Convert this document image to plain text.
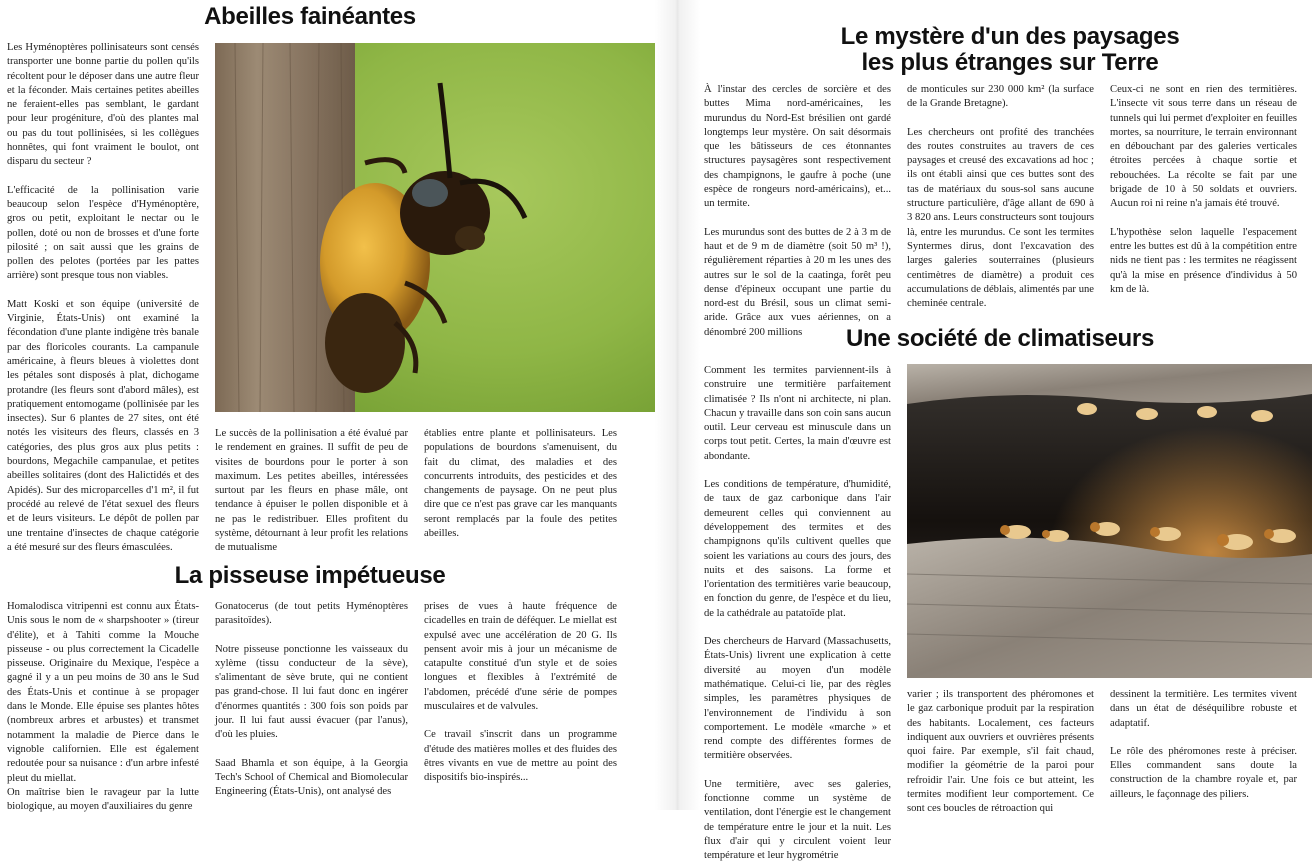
Abeilles fainéantes

Les Hyménoptères pollinisateurs sont censés transporter une bonne partie du pollen qu'ils récoltent pour le déposer dans une autre fleur et la féconder. Mais certaines petites abeilles ne feraient-elles pas semblant, le gardant pour leur progéniture, d'où des plantes mal ou pas du tout pollinisées, si les collègues honnêtes, qui font vraiment le boulot, ont disparu du secteur ?

L'efficacité de la pollinisation varie beaucoup selon l'espèce d'Hyménoptère, gros ou petit, exploitant le nectar ou le pollen, doté ou non de brosses et d'une forte pilosité ; on sait aussi que les grains de pollen des pelotes (portées par les pattes arrière) sont presque tous non viables.

Matt Koski et son équipe (université de Virginie, États-Unis) ont examiné la fécondation d'une plante indigène très banale par des floricoles courants. La campanule américaine, à fleurs bleues à violettes dont les pétales sont disposés à plat, dichogame protandre (les fleurs sont d'abord mâles), est pratiquement entomogame (pollinisée par les insectes). Sur 6 plantes de 27 sites, ont été notés les visiteurs des fleurs, classés en 3 catégories, des plus gros aux plus petits : bourdons, Megachile campanulae, et petites abeilles solitaires (dont des Halictidés et des Apidés). Sur des microparcelles d'1 m², il fut procédé au relevé de l'état sexuel des fleurs et de leurs visiteurs. Le dépôt de pollen par une trentaine d'insectes de chaque catégorie a été mesuré sur des fleurs émasculées.

Le succès de la pollinisation a été évalué par le rendement en graines. Il suffit de peu de visites de bourdons pour le porter à son maximum. Les petites abeilles, intéressées surtout par les fleurs en phase mâle, ont tendance à épuiser le pollen disponible et à ne pas le redistribuer. Elles profitent du système, détournant à leur profit les relations de mutualisme

établies entre plante et pollinisateurs. Les populations de bourdons s'amenuisent, du fait du climat, des maladies et des concurrents introduits, des pesticides et des changements de paysage. On ne peut plus dire que ce n'est pas grave car les manquants seront remplacés par la foule des petites abeilles.

La pisseuse impétueuse

Homalodisca vitripenni est connu aux États-Unis sous le nom de « sharpshooter » (tireur d'élite), et à Tahiti comme la Mouche pisseuse - ou plus correctement la Cicadelle pisseuse. Originaire du Mexique, l'espèce a gagné il y a un peu moins de 30 ans le Sud des États-Unis et continue à se propager dans le Monde. Elle épuise ses plantes hôtes (nombreux arbres et arbustes) et transmet notamment la maladie de Pierce dans le vignoble californien. Elle est également redoutée pour sa nuisance : d'un arbre infesté pleut du miellat.

On maîtrise bien le ravageur par la lutte biologique, au moyen d'auxiliaires du genre

Gonatocerus (de tout petits Hyménoptères parasitoïdes).

Notre pisseuse ponctionne les vaisseaux du xylème (tissu conducteur de la sève), s'alimentant de sève brute, qui ne contient pas grand-chose. Il lui faut donc en ingérer d'énormes quantités : 300 fois son poids par jour. Il lui faut aussi évacuer (par l'anus), d'où les pluies.

Saad Bhamla et son équipe, à la Georgia Tech's School of Chemical and Biomolecular Engineering (États-Unis), ont analysé des

prises de vues à haute fréquence de cicadelles en train de déféquer. Le miellat est expulsé avec une accélération de 20 G. Ils pensent avoir mis à jour un mécanisme de catapulte constitué d'un style et de soies longues et flexibles à l'extrémité de l'abdomen, précédé d'une série de pompes musculaires et de valvules.

Ce travail s'inscrit dans un programme d'étude des matières molles et des fluides des êtres vivants en vue de mettre au point des dispositifs bio-inspirés...

Le mystère d'un des paysages
les plus étranges sur Terre

À l'instar des cercles de sorcière et des buttes Mima nord-américaines, les murundus du Nord-Est brésilien ont gardé longtemps leur mystère. On sait désormais que les bâtisseurs de ces étonnantes structures paysagères sont respectivement des champignons, le gaufre à poche (une espèce de rongeurs nord-américains), et... un termite.

Les murundus sont des buttes de 2 à 3 m de haut et de 9 m de diamètre (soit 50 m³ !), régulièrement réparties à 20 m les unes des autres sur le sol de la caatinga, forêt peu dense d'épineux occupant une partie du nord-est du Brésil, sous un climat semi-aride. Grâce aux vues aériennes, on a dénombré 200 millions

de monticules sur 230 000 km² (la surface de la Grande Bretagne).

Les chercheurs ont profité des tranchées des routes construites au travers de ces paysages et creusé des excavations ad hoc ; ils ont établi ainsi que ces buttes sont des tas de matériaux du sous-sol sans aucune structure particulière, d'âge allant de 690 à 3 820 ans. Leurs constructeurs sont toujours là, entre les murundus. Ce sont les termites Syntermes dirus, dont l'excavation des larges galeries souterraines (plusieurs centimètres de diamètre) a produit ces accumulations de déblais, alimentés par une cheminée centrale.

Ceux-ci ne sont en rien des termitières. L'insecte vit sous terre dans un réseau de tunnels qui lui permet d'exploiter en feuilles mortes, sa nourriture, le terrain environnant en débouchant par des galeries verticales étroites percées à chaque sortie et rebouchées. La récolte se fait par une brigade de 10 à 50 soldats et ouvriers. Aucun roi ni reine n'a jamais été trouvé.

L'hypothèse selon laquelle l'espacement entre les buttes est dû à la compétition entre nids ne tient pas : les termites ne réagissent qu'à la mise en présence d'individus à 50 km de là.

Une société de climatiseurs

Comment les termites parviennent-ils à construire une termitière parfaitement climatisée ? Ils n'ont ni architecte, ni plan. Chacun y travaille dans son coin sans aucun outil. Leur cerveau est minuscule dans un corps tout petit. Certes, la main d'œuvre est abondante.

Les conditions de température, d'humidité, de taux de gaz carbonique dans l'air demeurent celles qui conviennent au développement des termites et des champignons qu'ils cultivent quelles que soient les variations au cours des jours, des nuits et des saisons. La forme et l'orientation des termitières varie beaucoup, en fonction du genre, de l'espèce et du lieu, de la cathédrale au patatoïde plat.

Des chercheurs de Harvard (Massachusetts, États-Unis) livrent une explication à cette diversité au moyen d'un modèle mathématique. Celui-ci lie, par des règles simples, les paramètres physiques de l'environnement de l'individu à son comportement. Le modèle «marche » et rend compte des différentes formes de termitière observées.

Une termitière, avec ses galeries, fonctionne comme un système de ventilation, dont l'énergie est le changement de température entre le jour et la nuit. Les flux d'air qui y circulent voient leur température et leur hygrométrie

varier ; ils transportent des phéromones et le gaz carbonique produit par la respiration des habitants. Localement, ces facteurs indiquent aux ouvriers et ouvrières présents quoi faire. Par exemple, s'il fait chaud, modifier la géométrie de la paroi pour refroidir l'air. Une fois ce but atteint, les termites modifient leur comportement. Ce sont ces boucles de rétroaction qui

dessinent la termitière. Les termites vivent dans un état de déséquilibre robuste et adaptatif.

Le rôle des phéromones reste à préciser. Elles commandent sans doute la construction de la chambre royale et, par ailleurs, le façonnage des piliers.
